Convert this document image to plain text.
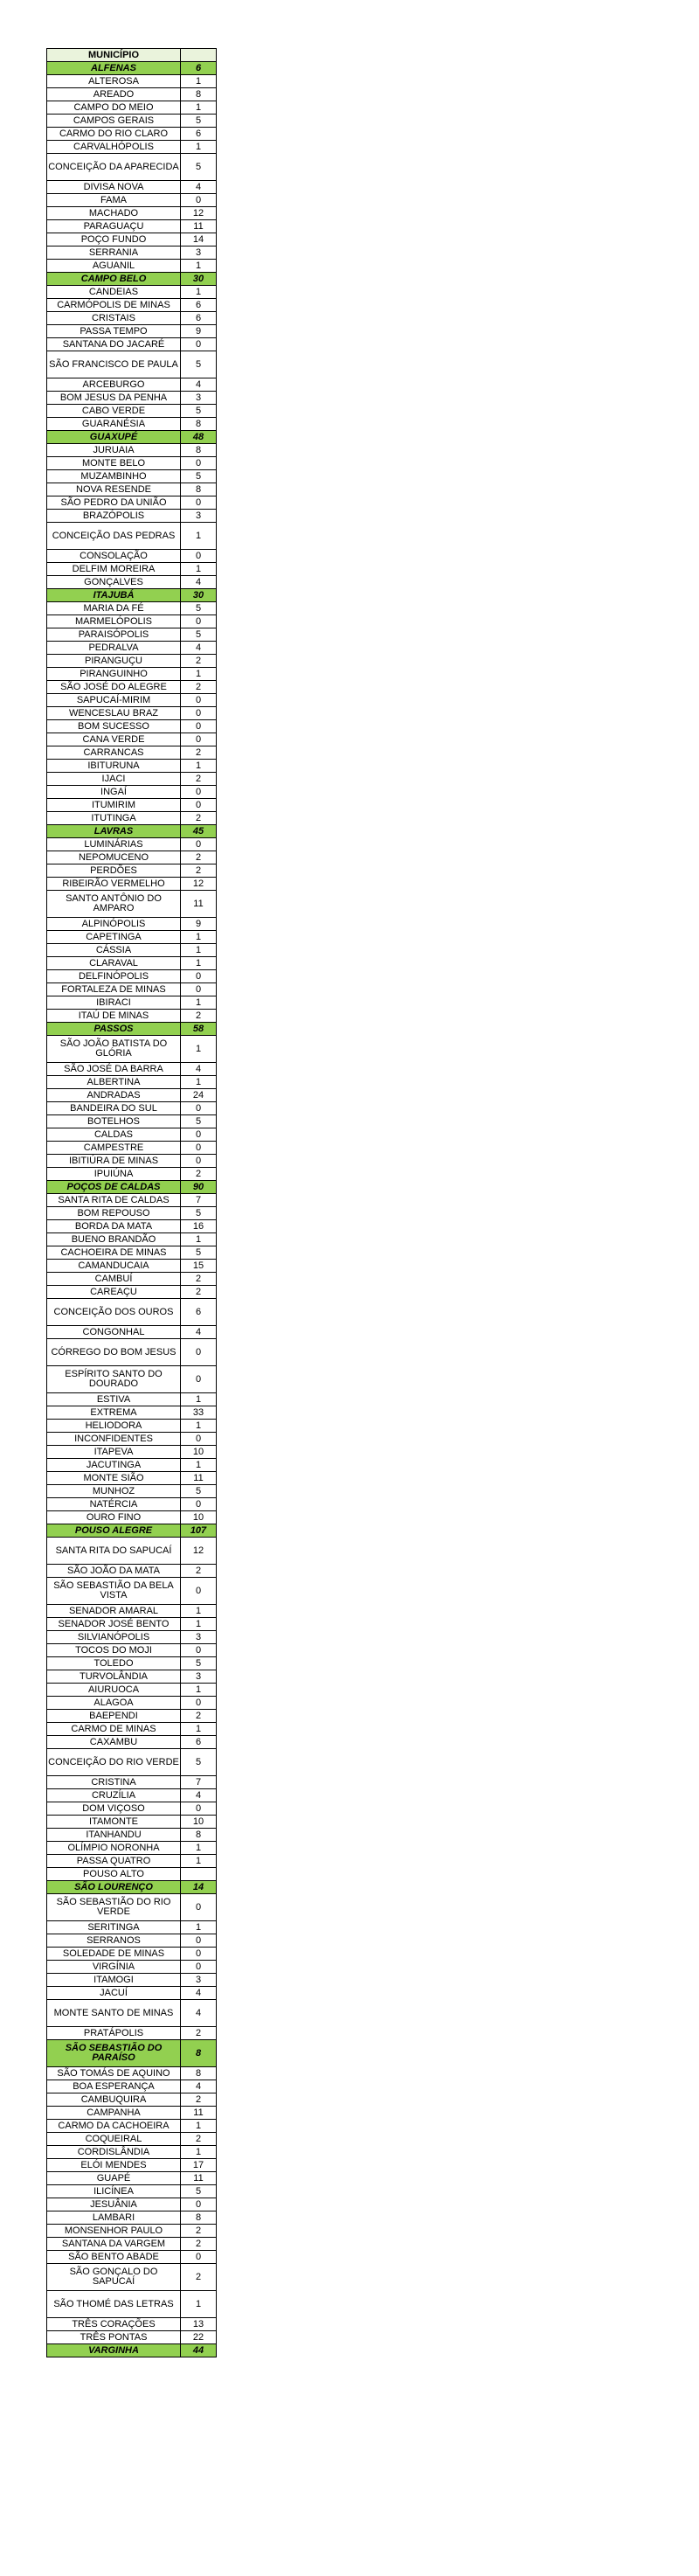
MUNICÍPIO	
ALFENAS	6
ALTEROSA	1
AREADO	8
CAMPO DO MEIO	1
CAMPOS GERAIS	5
CARMO DO RIO CLARO	6
CARVALHÓPOLIS	1
CONCEIÇÃO DA APARECIDA	5
DIVISA NOVA	4
FAMA	0
MACHADO	12
PARAGUAÇU	11
POÇO FUNDO	14
SERRANIA	3
AGUANIL	1
CAMPO BELO	30
CANDEIAS	1
CARMÓPOLIS DE MINAS	6
CRISTAIS	6
PASSA TEMPO	9
SANTANA DO JACARÉ	0
SÃO FRANCISCO DE PAULA	5
ARCEBURGO	4
BOM JESUS DA PENHA	3
CABO VERDE	5
GUARANÉSIA	8
GUAXUPÉ	48
JURUAIA	8
MONTE BELO	0
MUZAMBINHO	5
NOVA RESENDE	8
SÃO PEDRO DA UNIÃO	0
BRAZÓPOLIS	3
CONCEIÇÃO DAS PEDRAS	1
CONSOLAÇÃO	0
DELFIM MOREIRA	1
GONÇALVES	4
ITAJUBÁ	30
MARIA DA FÉ	5
MARMELÓPOLIS	0
PARAISÓPOLIS	5
PEDRALVA	4
PIRANGUÇU	2
PIRANGUINHO	1
SÃO JOSÉ DO ALEGRE	2
SAPUCAÍ-MIRIM	0
WENCESLAU BRAZ	0
BOM SUCESSO	0
CANA VERDE	0
CARRANCAS	2
IBITURUNA	1
IJACI	2
INGAÍ	0
ITUMIRIM	0
ITUTINGA	2
LAVRAS	45
LUMINÁRIAS	0
NEPOMUCENO	2
PERDÕES	2
RIBEIRÃO VERMELHO	12
SANTO ANTÔNIO DO AMPARO	11
ALPINÓPOLIS	9
CAPETINGA	1
CÁSSIA	1
CLARAVAL	1
DELFINÓPOLIS	0
FORTALEZA DE MINAS	0
IBIRACI	1
ITAÚ DE MINAS	2
PASSOS	58
SÃO JOÃO BATISTA DO GLÓRIA	1
SÃO JOSÉ DA BARRA	4
ALBERTINA	1
ANDRADAS	24
BANDEIRA DO SUL	0
BOTELHOS	5
CALDAS	0
CAMPESTRE	0
IBITIÚRA DE MINAS	0
IPUIÚNA	2
POÇOS DE CALDAS	90
SANTA RITA DE CALDAS	7
BOM REPOUSO	5
BORDA DA MATA	16
BUENO BRANDÃO	1
CACHOEIRA DE MINAS	5
CAMANDUCAIA	15
CAMBUÍ	2
CAREAÇU	2
CONCEIÇÃO DOS OUROS	6
CONGONHAL	4
CÓRREGO DO BOM JESUS	0
ESPÍRITO SANTO DO DOURADO	0
ESTIVA	1
EXTREMA	33
HELIODORA	1
INCONFIDENTES	0
ITAPEVA	10
JACUTINGA	1
MONTE SIÃO	11
MUNHOZ	5
NATÉRCIA	0
OURO FINO	10
POUSO ALEGRE	107
SANTA RITA DO SAPUCAÍ	12
SÃO JOÃO DA MATA	2
SÃO SEBASTIÃO DA BELA VISTA	0
SENADOR AMARAL	1
SENADOR JOSÉ BENTO	1
SILVIANÓPOLIS	3
TOCOS DO MOJI	0
TOLEDO	5
TURVOLÂNDIA	3
AIURUOCA	1
ALAGOA	0
BAEPENDI	2
CARMO DE MINAS	1
CAXAMBU	6
CONCEIÇÃO DO RIO VERDE	5
CRISTINA	7
CRUZÍLIA	4
DOM VIÇOSO	0
ITAMONTE	10
ITANHANDU	8
OLÍMPIO NORONHA	1
PASSA QUATRO	1
POUSO ALTO	
SÃO LOURENÇO	14
SÃO SEBASTIÃO DO RIO VERDE	0
SERITINGA	1
SERRANOS	0
SOLEDADE DE MINAS	0
VIRGÍNIA	0
ITAMOGI	3
JACUÍ	4
MONTE SANTO DE MINAS	4
PRATÁPOLIS	2
SÃO SEBASTIÃO DO PARAÍSO	8
SÃO TOMÁS DE AQUINO	8
BOA ESPERANÇA	4
CAMBUQUIRA	2
CAMPANHA	11
CARMO DA CACHOEIRA	1
COQUEIRAL	2
CORDISLÂNDIA	1
ELÓI MENDES	17
GUAPÉ	11
ILICÍNEA	5
JESUÂNIA	0
LAMBARI	8
MONSENHOR PAULO	2
SANTANA DA VARGEM	2
SÃO BENTO ABADE	0
SÃO GONÇALO DO SAPUCAÍ	2
SÃO THOMÉ DAS LETRAS	1
TRÊS CORAÇÕES	13
TRÊS PONTAS	22
VARGINHA	44
